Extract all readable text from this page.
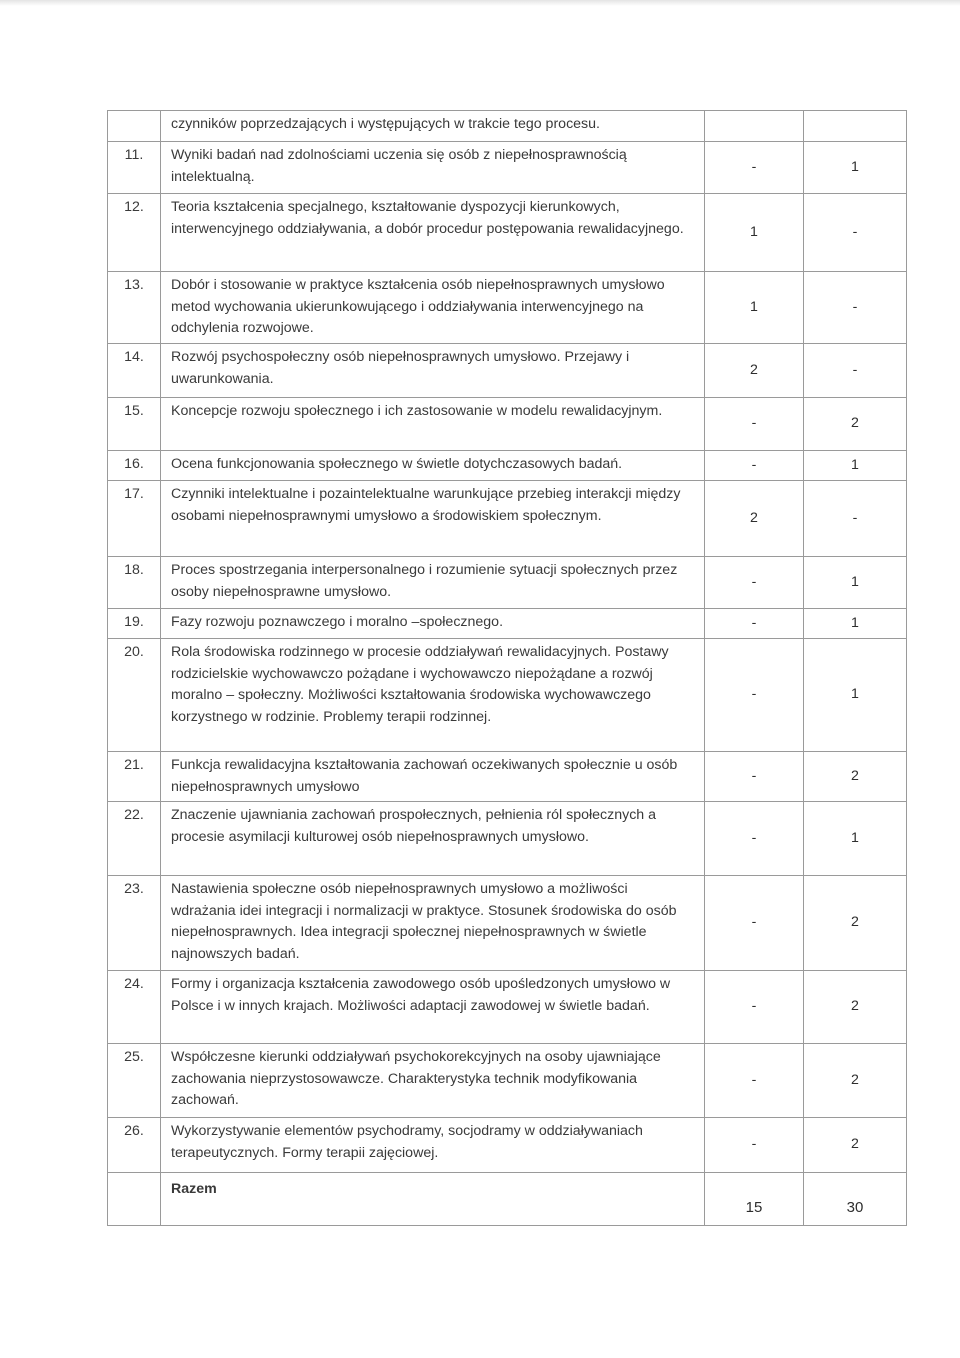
	czynników poprzedzających i występujących w trakcie tego procesu.		
11.	Wyniki badań nad zdolnościami uczenia się osób z niepełnosprawnością intelektualną.	-	1
12.	Teoria kształcenia specjalnego, kształtowanie dyspozycji kierunkowych, interwencyjnego oddziaływania, a dobór procedur postępowania rewalidacyjnego.	1	-
13.	Dobór i stosowanie w praktyce kształcenia osób niepełnosprawnych umysłowo metod wychowania ukierunkowującego i oddziaływania interwencyjnego na odchylenia rozwojowe.	1	-
14.	Rozwój psychospołeczny osób niepełnosprawnych umysłowo. Przejawy i uwarunkowania.	2	-
15.	Koncepcje rozwoju społecznego i ich zastosowanie w modelu rewalidacyjnym.	-	2
16.	Ocena funkcjonowania społecznego w świetle dotychczasowych badań.	-	1
17.	Czynniki intelektualne i pozaintelektualne warunkujące przebieg interakcji między osobami niepełnosprawnymi umysłowo a środowiskiem społecznym.	2	-
18.	Proces spostrzegania interpersonalnego i rozumienie sytuacji społecznych przez osoby niepełnosprawne umysłowo.	-	1
19.	Fazy rozwoju poznawczego i moralno –społecznego.	-	1
20.	Rola środowiska rodzinnego w procesie oddziaływań rewalidacyjnych. Postawy rodzicielskie wychowawczo pożądane i wychowawczo niepożądane a rozwój moralno – społeczny. Możliwości kształtowania środowiska wychowawczego korzystnego w rodzinie. Problemy terapii rodzinnej.	-	1
21.	Funkcja rewalidacyjna kształtowania zachowań oczekiwanych społecznie u osób niepełnosprawnych umysłowo	-	2
22.	Znaczenie ujawniania zachowań prospołecznych, pełnienia ról społecznych a procesie asymilacji kulturowej osób niepełnosprawnych umysłowo.	-	1
23.	Nastawienia społeczne osób niepełnosprawnych umysłowo a możliwości wdrażania idei integracji i normalizacji w praktyce. Stosunek środowiska do osób niepełnosprawnych. Idea integracji społecznej niepełnosprawnych w świetle najnowszych badań.	-	2
24.	Formy i organizacja kształcenia zawodowego osób upośledzonych umysłowo w Polsce i w innych krajach. Możliwości adaptacji zawodowej w świetle badań.	-	2
25.	Współczesne kierunki oddziaływań psychokorekcyjnych na osoby ujawniające zachowania nieprzystosowawcze. Charakterystyka technik modyfikowania zachowań.	-	2
26.	Wykorzystywanie elementów psychodramy, socjodramy w oddziaływaniach terapeutycznych. Formy terapii zajęciowej.	-	2
	Razem	15	30
